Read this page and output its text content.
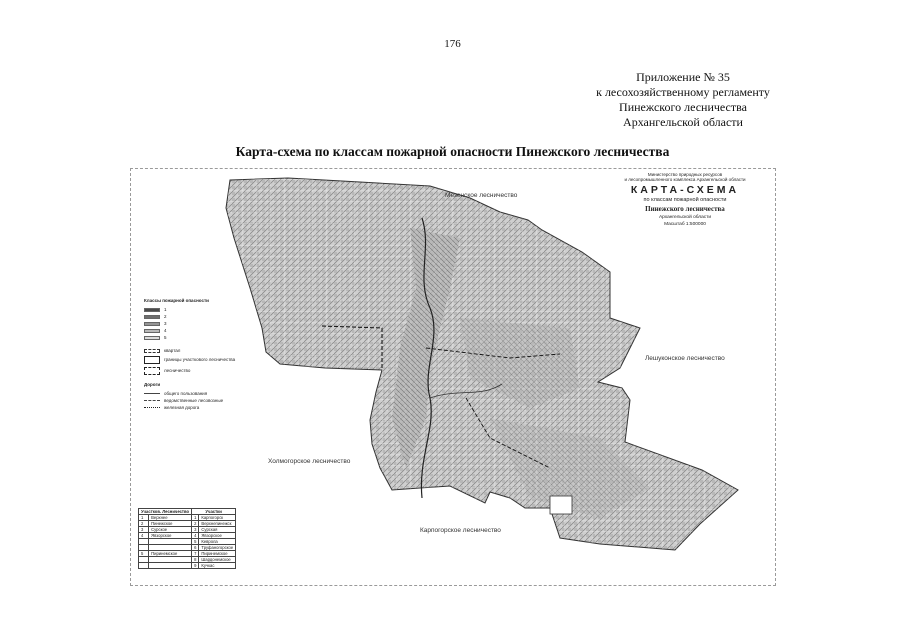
176
Приложение № 35
к лесохозяйственному регламенту
Пинежского лесничества
Архангельской области
Карта-схема по классам пожарной опасности Пинежского лесничества
Мезенское лесничество
Лешуконское лесничество
Холмогорское лесничество
Карпогорское лесничество
Министерство природных ресурсов
и лесопромышленного комплекса Архангельской области
КАРТА-СХЕМА
по классам пожарной опасности
Пинежского лесничества
Архангельской области
Масштаб 1:500000
Классы пожарной опасности
1
2
3
4
5
квартал
границы участкового лесничества
лесничество
Дороги
общего пользования
ведомственные лесовозные
железная дорога
Участков. Лесничество		Участки	
1	Верхнее	1	Карпогорск
2	Пинежское	2	Верхнепинежск
3	Сурское	3	Сурская
4	Явзорское	4	Явзорское
		5	Кеврола
		6	Труфаногорское
5	Пиринемское	7	Пиринемское
		8	Шардонемское
		9	Кучкас
